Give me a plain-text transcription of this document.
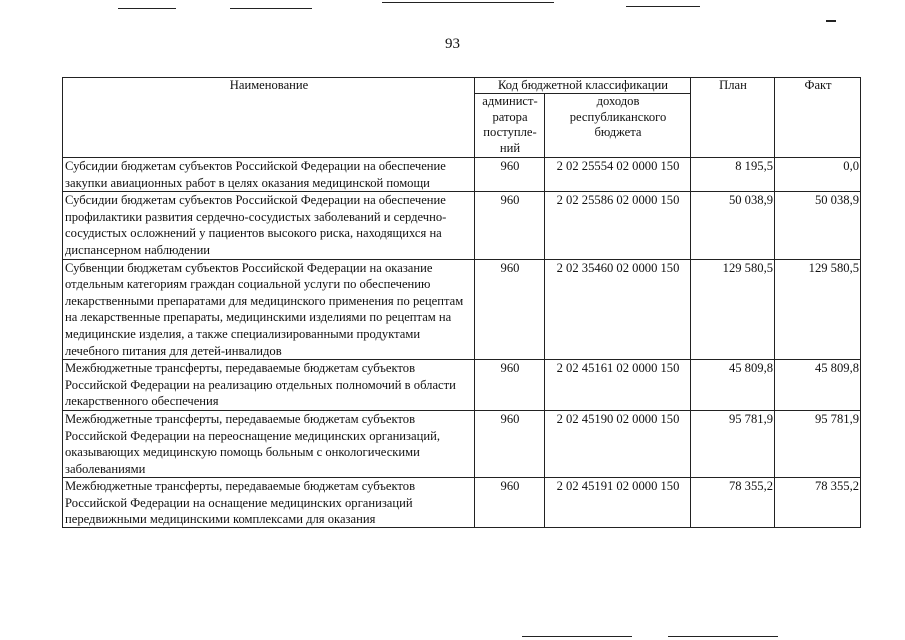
93
Наименование	Код бюджетной классификации		План	Факт
	админист-ратора поступле-ний	доходов республиканского бюджета		
Субсидии бюджетам субъектов Российской Федерации на обеспечение закупки авиационных работ в целях оказания медицинской помощи	960	2 02 25554 02 0000 150	8 195,5	0,0
Субсидии бюджетам субъектов Российской Федерации на обеспечение профилактики развития сердечно-сосудистых заболеваний и сердечно-сосудистых осложнений у пациентов высокого риска, находящихся на диспансерном наблюдении	960	2 02 25586 02 0000 150	50 038,9	50 038,9
Субвенции бюджетам субъектов Российской Федерации на оказание отдельным категориям граждан социальной услуги по обеспечению лекарственными препаратами для медицинского применения по рецептам на лекарственные препараты, медицинскими изделиями по рецептам на медицинские изделия, а также специализированными продуктами лечебного питания для детей-инвалидов	960	2 02 35460 02 0000 150	129 580,5	129 580,5
Межбюджетные трансферты, передаваемые бюджетам субъектов Российской Федерации на реализацию отдельных полномочий в области лекарственного обеспечения	960	2 02 45161 02 0000 150	45 809,8	45 809,8
Межбюджетные трансферты, передаваемые бюджетам субъектов Российской Федерации на переоснащение медицинских организаций, оказывающих медицинскую помощь больным с онкологическими заболеваниями	960	2 02 45190 02 0000 150	95 781,9	95 781,9

Межбюджетные трансферты, передаваемые бюджетам субъектов Российской Федерации на оснащение медицинских организаций передвижными медицинскими комплексами для оказания	960	2 02 45191 02 0000 150	78 355,2	78 355,2
